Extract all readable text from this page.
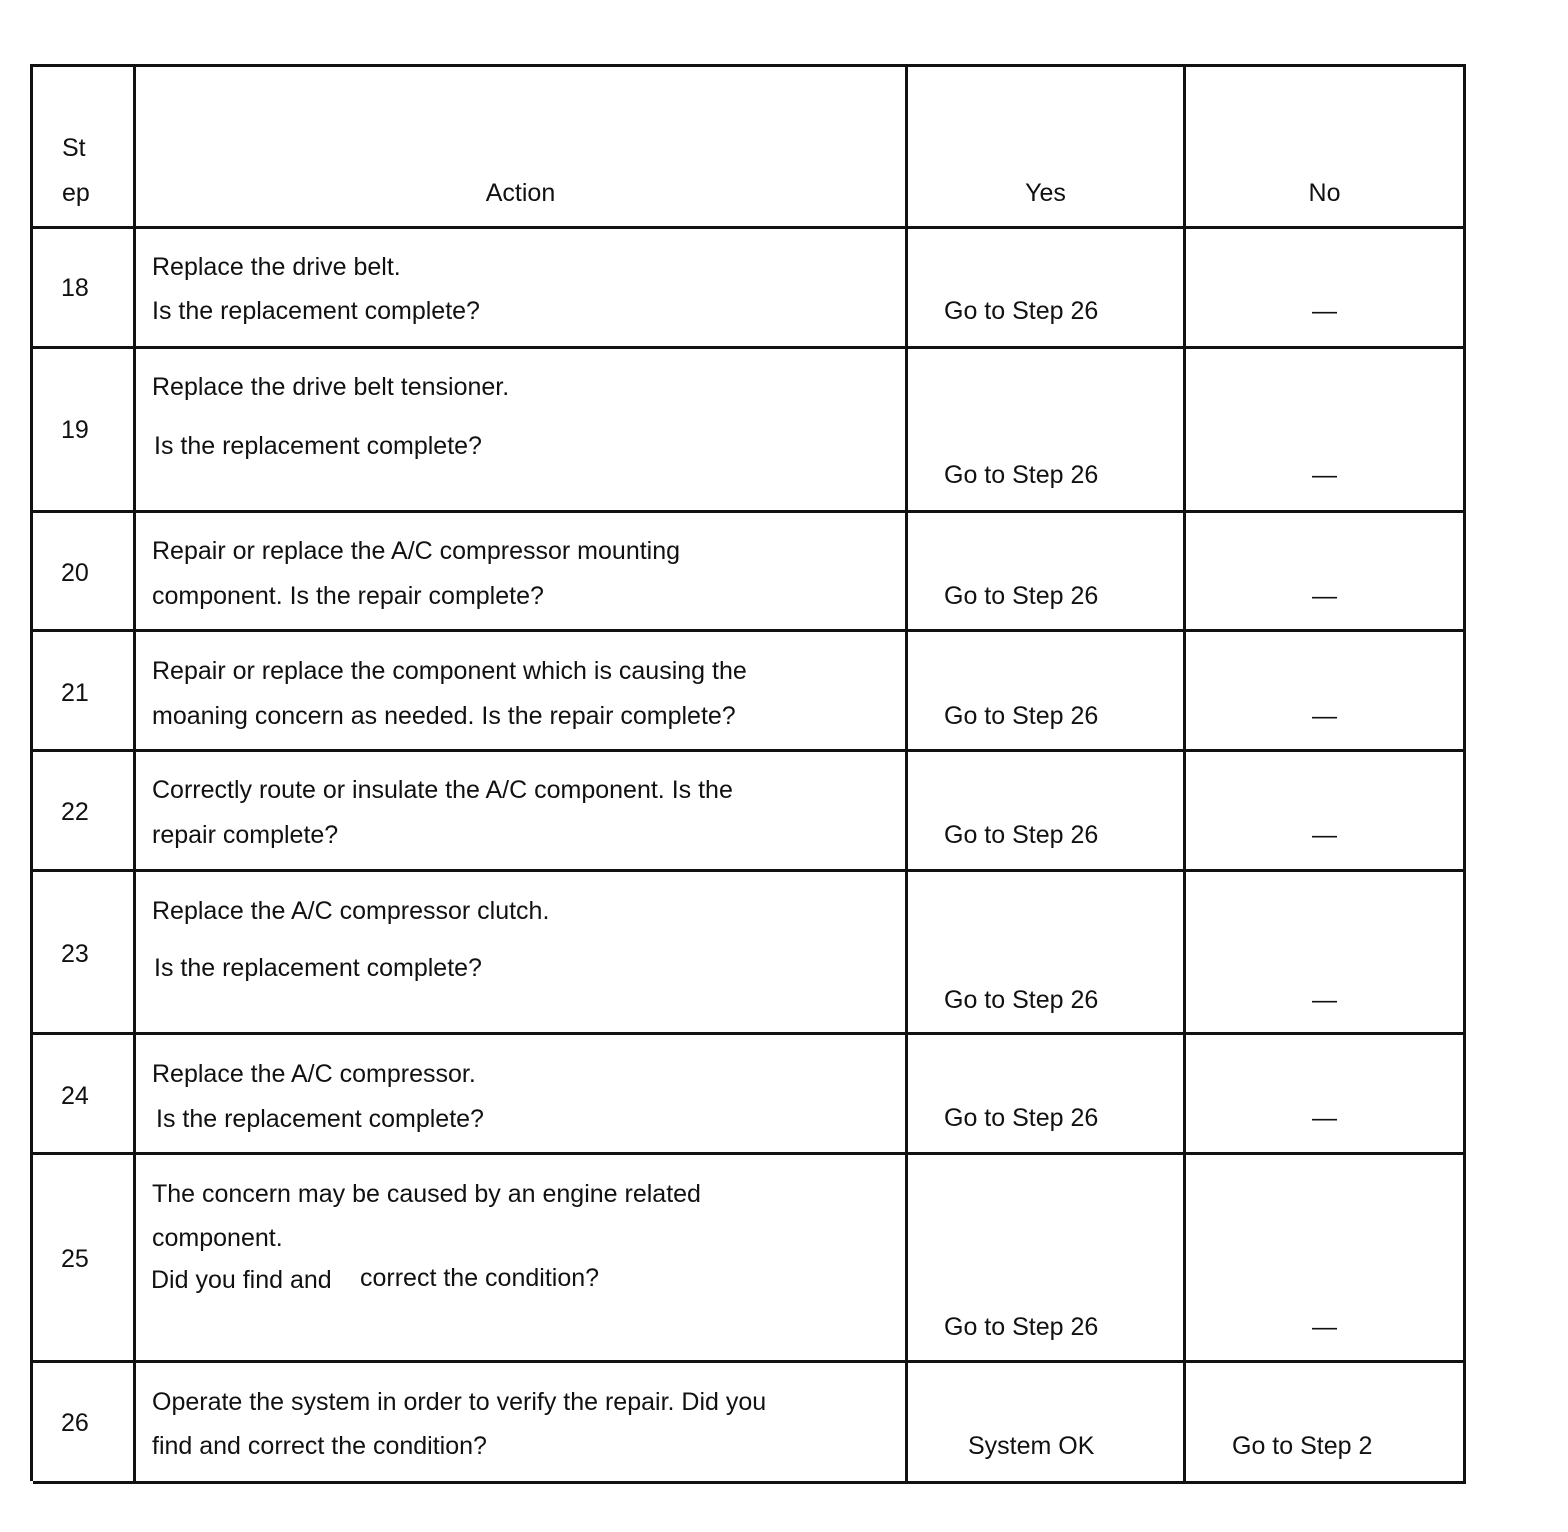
St
ep	Action	Yes	No
18
Replace the drive belt.
Is the replacement complete?	Go to Step 26	—
19
Replace the drive belt tensioner.
Is the replacement complete?
Go to Step 26	—
20
Repair or replace the A/C compressor mounting
component. Is the repair complete?	Go to Step 26	—
21
Repair or replace the component which is causing the
moaning concern as needed. Is the repair complete?	Go to Step 26	—
22
Correctly route or insulate the A/C component. Is the
repair complete?	Go to Step 26	—
23
Replace the A/C compressor clutch.
Is the replacement complete?
Go to Step 26	—
24
Replace the A/C compressor.
Is the replacement complete?	Go to Step 26	—
25
The concern may be caused by an engine related
component.
Did you find and correct the condition?
Go to Step 26	—
26
Operate the system in order to verify the repair. Did you
find and correct the condition?	System OK	Go to Step 2
